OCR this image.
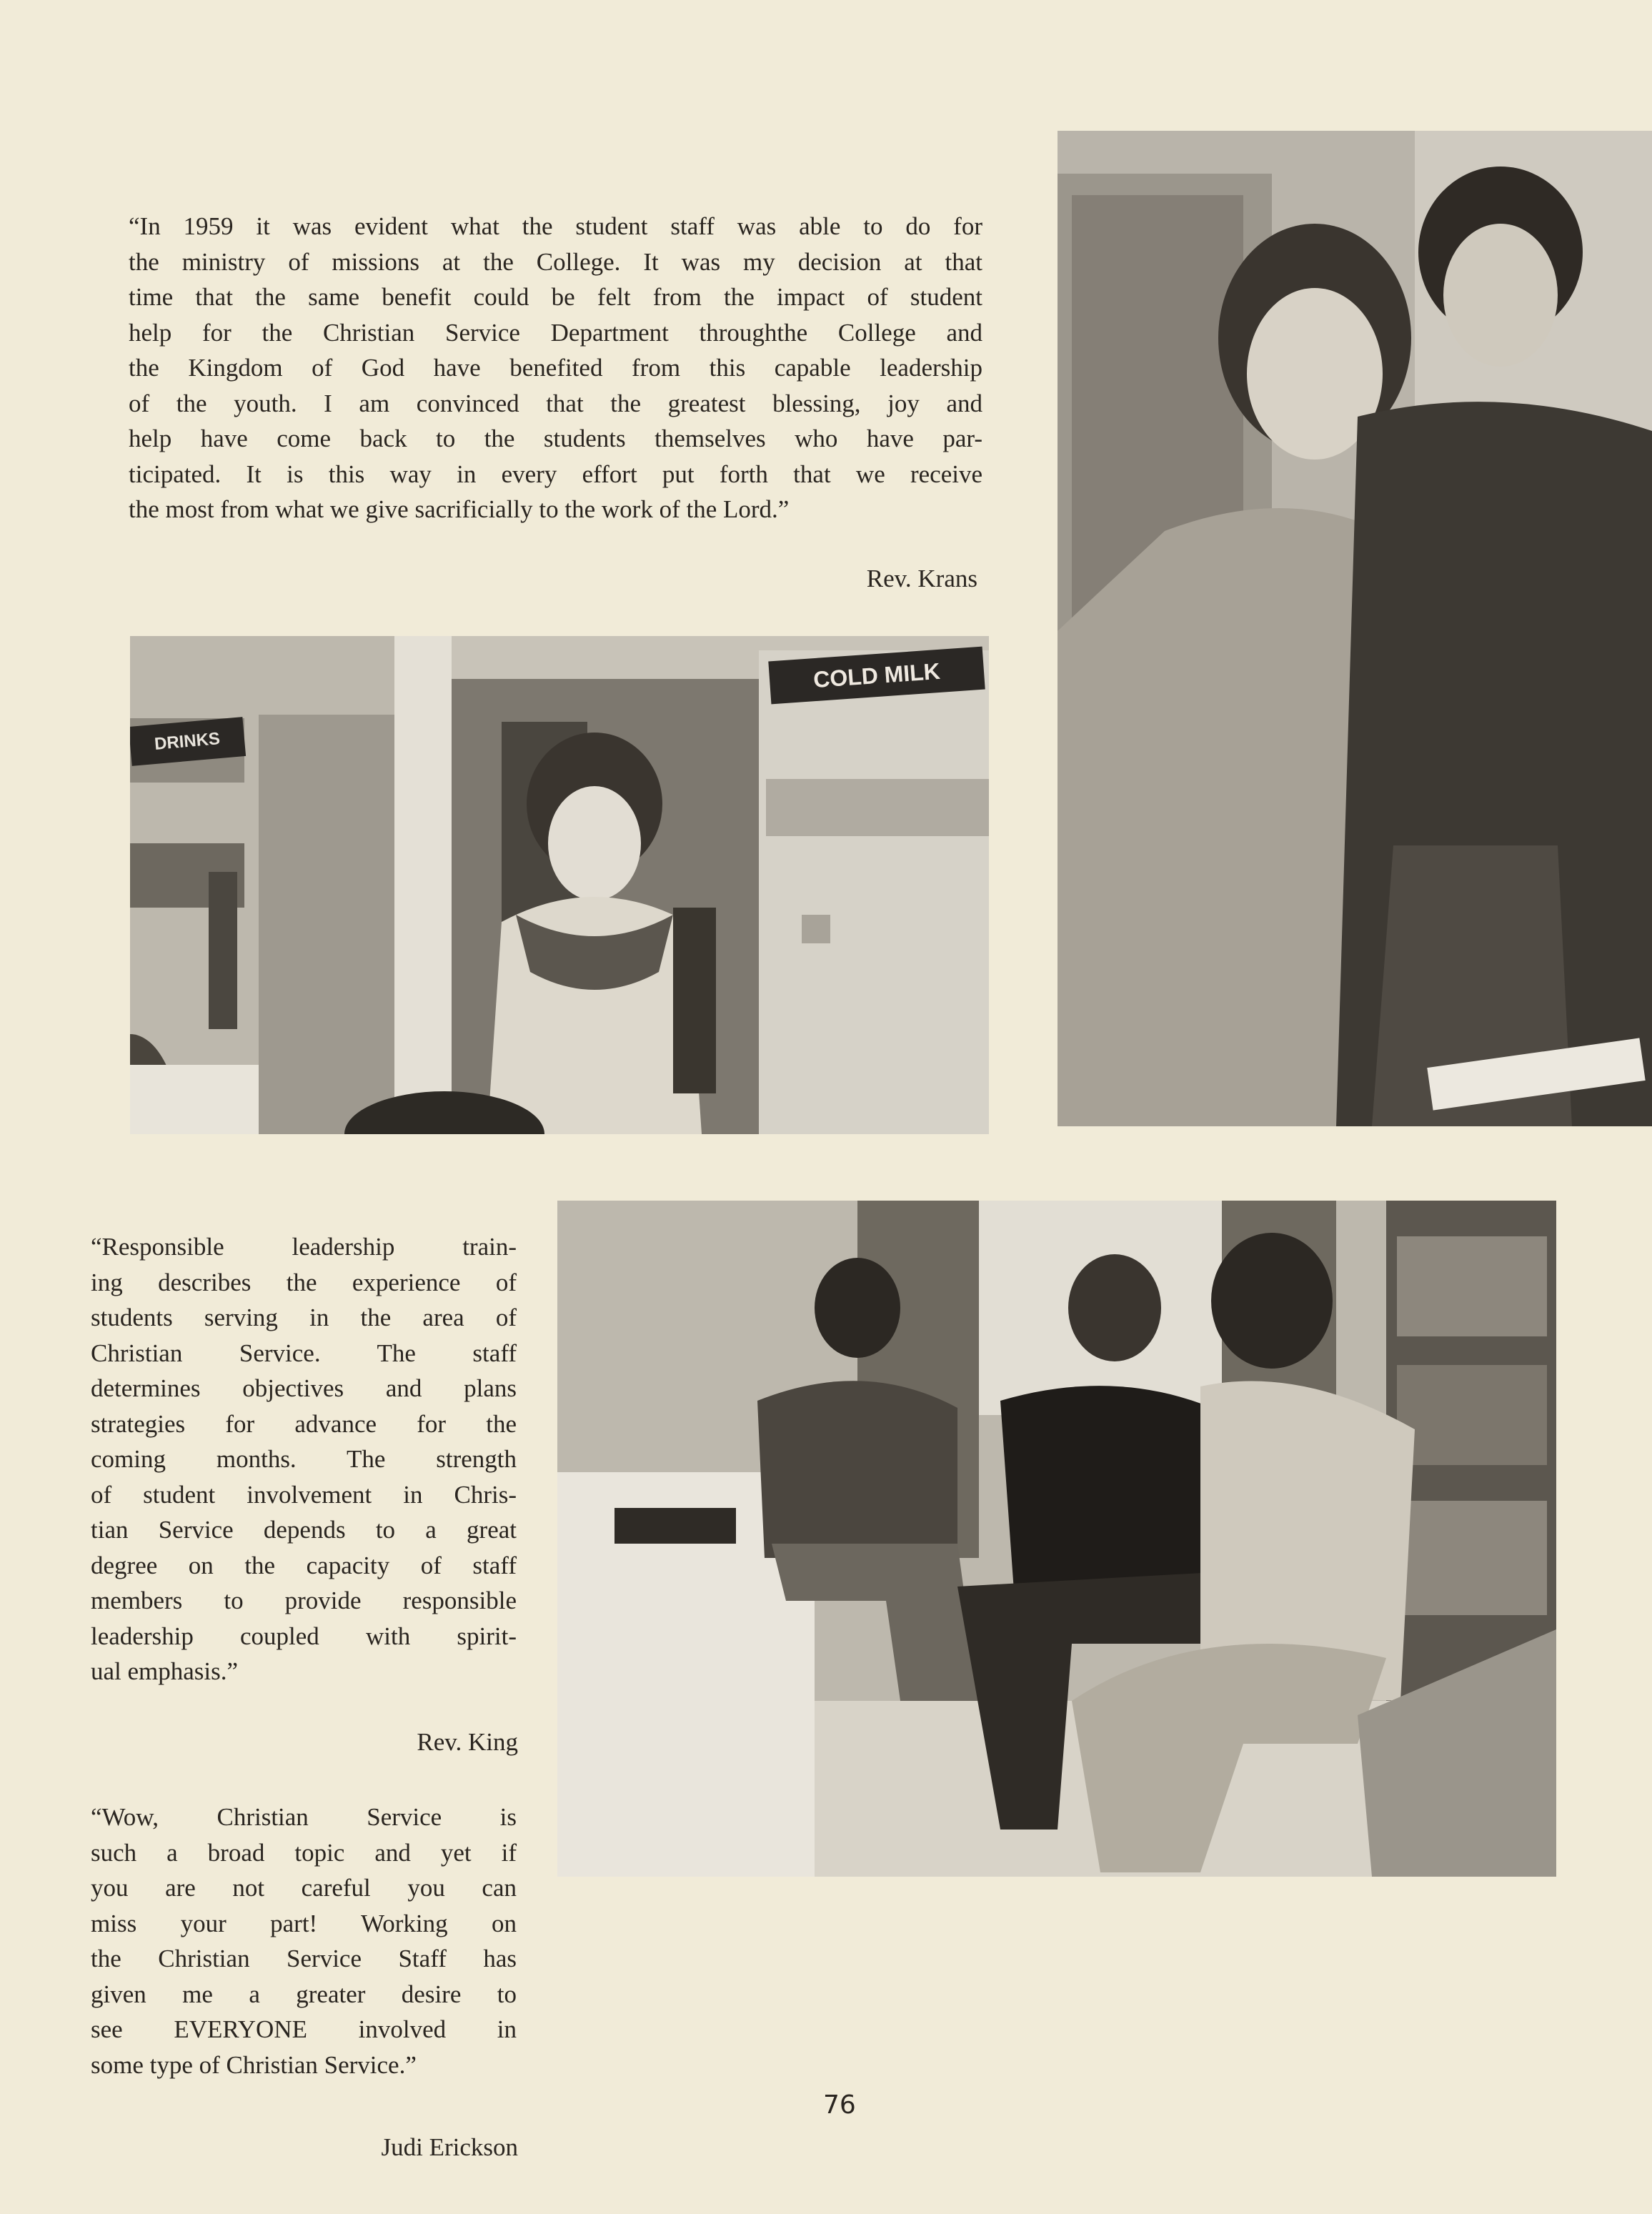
“In 1959 it was evident what the student staff was able to do for
the ministry of missions at the College. It was my decision at that
time that the same benefit could be felt from the impact of student
help for the Christian Service Department throughthe College and
the Kingdom of God have benefited from this capable leadership
of the youth. I am convinced that the greatest blessing, joy and
help have come back to the students themselves who have par-
ticipated. It is this way in every effort put forth that we receive
the most from what we give sacrificially to the work of the Lord.”
Rev. Krans
DRINKS
COLD MILK
“Responsible leadership train-
ing describes the experience of
students serving in the area of
Christian Service. The staff
determines objectives and plans
strategies for advance for the
coming months. The strength
of student involvement in Chris-
tian Service depends to a great
degree on the capacity of staff
members to provide responsible
leadership coupled with spirit-
ual emphasis.”
Rev. King
“Wow, Christian Service is
such a broad topic and yet if
you are not careful you can
miss your part! Working on
the Christian Service Staff has
given me a greater desire to
see EVERYONE involved in
some type of Christian Service.”
Judi Erickson
76
